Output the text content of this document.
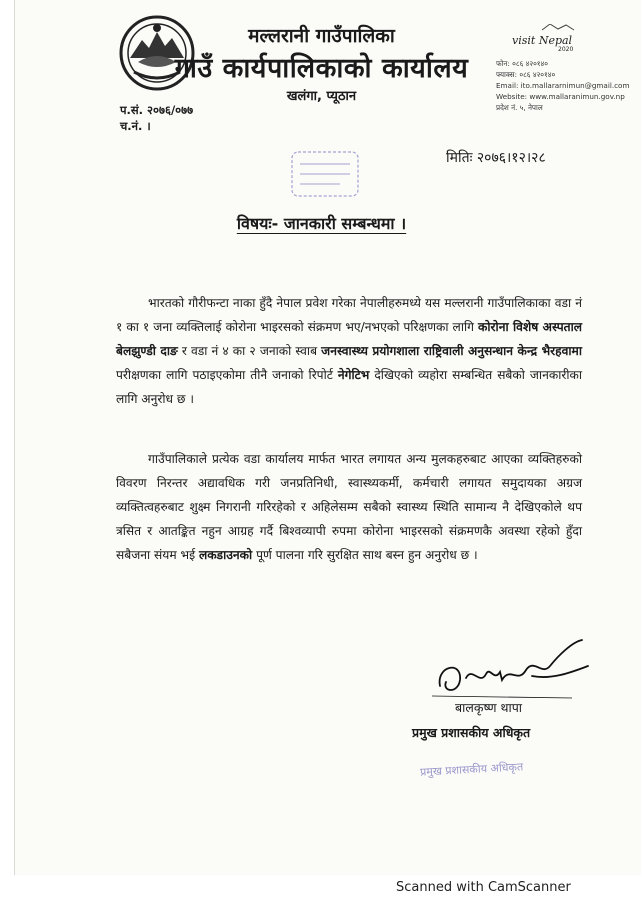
मल्लरानी गाउँपालिका
गाउँ कार्यपालिकाको कार्यालय
खलंगा, प्यूठान
visit Nepal
2020
फोन: ०८६ ४२०१४०
फ्याक्स: ०८६ ४२०१४०
Email: ito.mallararnimun@gmail.com
Website: www.mallaranimun.gov.np
प्रदेश नं. ५, नेपाल
प.सं. २०७६/०७७
च.नं. ।
मितिः २०७६।१२।२८
विषयः- जानकारी सम्बन्धमा ।
भारतको गौरीफन्टा नाका हुँदै नेपाल प्रवेश गरेका नेपालीहरुमध्ये यस मल्लरानी गाउँपालिकाका वडा नं १ का १ जना व्यक्तिलाई कोरोना भाइरसको संक्रमण भए/नभएको परिक्षणका लागि कोरोना विशेष अस्पताल बेलझुण्डी दाङ र वडा नं ४ का २ जनाको स्वाब जनस्वास्थ्य प्रयोगशाला राष्ट्रिवाली अनुसन्धान केन्द्र भैरहवामा परीक्षणका लागि पठाइएकोमा तीनै जनाको रिपोर्ट नेगेटिभ देखिएको व्यहोरा सम्बन्धित सबैको जानकारीका लागि अनुरोध छ ।
गाउँपालिकाले प्रत्येक वडा कार्यालय मार्फत भारत लगायत अन्य मुलकहरुबाट आएका व्यक्तिहरुको विवरण निरन्तर अद्यावधिक गरी जनप्रतिनिधी, स्वास्थ्यकर्मी, कर्मचारी लगायत समुदायका अग्रज व्यक्तित्वहरुबाट शुक्ष्म निगरानी गरिरहेको र अहिलेसम्म सबैको स्वास्थ्य स्थिति सामान्य नै देखिएकोले थप त्रसित र आतङ्कित नहुन आग्रह गर्दै बिश्वव्यापी रुपमा कोरोना भाइरसको संक्रमणकै अवस्था रहेको हुँदा सबैजना संयम भई लकडाउनको पूर्ण पालना गरि सुरक्षित साथ बस्न हुन अनुरोध छ ।
बालकृष्ण थापा
प्रमुख प्रशासकीय अधिकृत
प्रमुख प्रशासकीय अधिकृत
Scanned with CamScanner
